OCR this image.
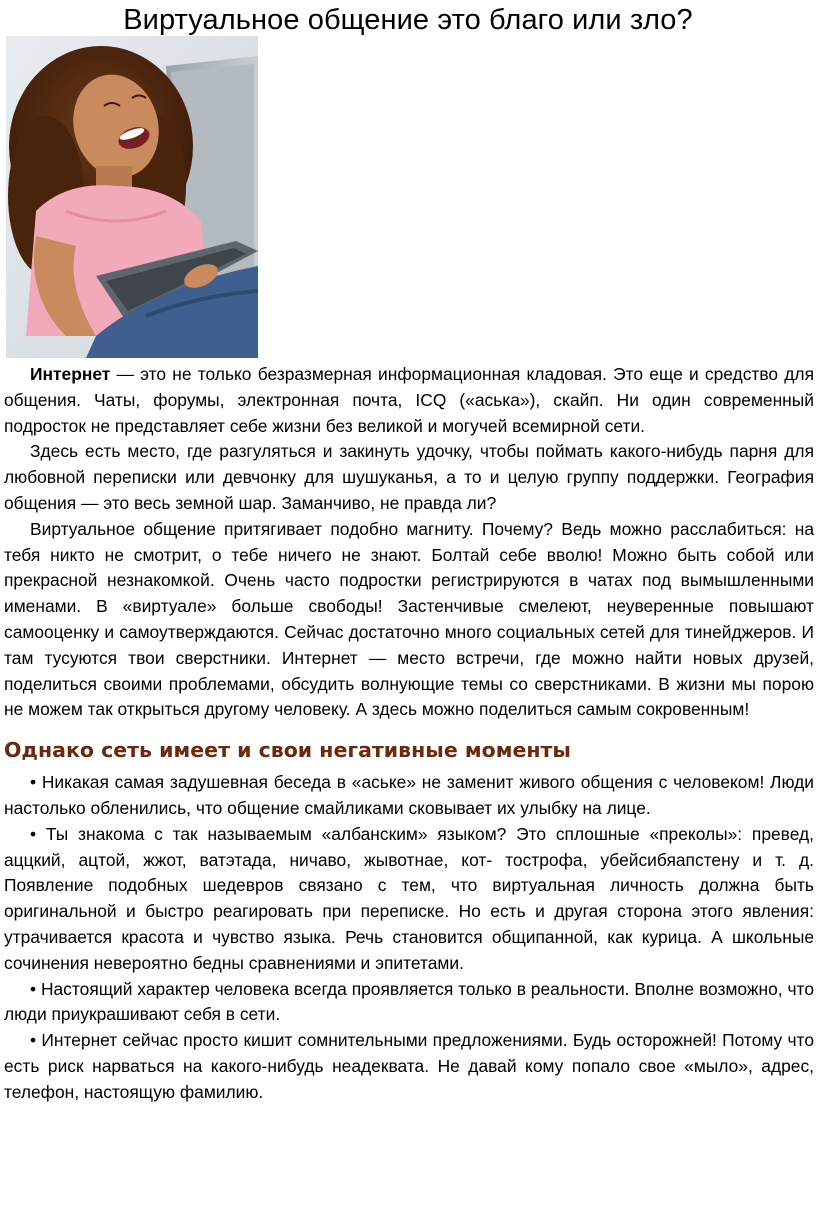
Виртуальное общение это благо или зло?

Интернет — это не только безразмерная информационная кладовая. Это еще и средство для общения. Чаты, форумы, электронная почта, ICQ («аська»), скайп. Ни один современный подросток не представляет себе жизни без великой и могучей всемирной сети.

Здесь есть место, где разгуляться и закинуть удочку, чтобы поймать какого-нибудь парня для любовной переписки или девчонку для шушуканья, а то и целую группу поддержки. География общения — это весь земной шар. Заманчиво, не правда ли?

Виртуальное общение притягивает подобно магниту. Почему? Ведь можно расслабиться: на тебя никто не смотрит, о тебе ничего не знают. Болтай себе вволю! Можно быть собой или прекрасной незнакомкой. Очень часто подростки регистрируются в чатах под вымышленными именами. В «виртуале» больше свободы! Застенчивые смелеют, неуверенные повышают самооценку и самоутверждаются. Сейчас достаточно много социальных сетей для тинейджеров. И там тусуются твои сверстники. Интернет — место встречи, где можно найти новых друзей, поделиться своими проблемами, обсудить волнующие темы со сверстниками. В жизни мы порою не можем так открыться другому человеку. А здесь можно поделиться самым сокровенным!

Однако сеть имеет и свои негативные моменты

• Никакая самая задушевная беседа в «аське» не заменит живого общения с человеком! Люди настолько обленились, что общение смайликами сковывает их улыбку на лице.

• Ты знакома с так называемым «албанским» языком? Это сплошные «преколы»: превед, аццкий, ацтой, жжот, ватэтада, ничаво, жывотнае, кот- тострофа, убейсибяапстену и т. д. Появление подобных шедевров связано с тем, что виртуальная личность должна быть оригинальной и быстро реагировать при переписке. Но есть и другая сторона этого явления: утрачивается красота и чувство языка. Речь становится общипанной, как курица. А школьные сочинения невероятно бедны сравнениями и эпитетами.

• Настоящий характер человека всегда проявляется только в реальности. Вполне возможно, что люди приукрашивают себя в сети.

• Интернет сейчас просто кишит сомнительными предложениями. Будь осторожней! Потому что есть риск нарваться на какого-нибудь неадеквата. Не давай кому попало свое «мыло», адрес, телефон, настоящую фамилию.
